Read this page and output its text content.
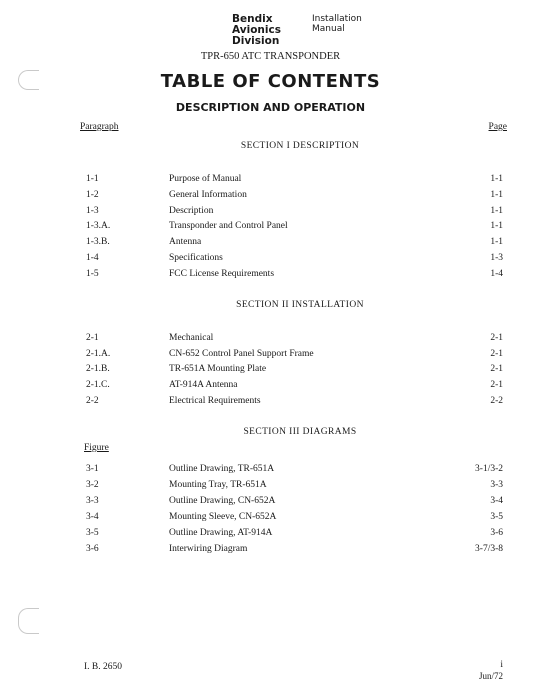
Bendix
Avionics
Division
Installation
Manual
TPR-650 ATC TRANSPONDER
TABLE OF CONTENTS
DESCRIPTION AND OPERATION
Paragraph	Page
Figure
SECTION I DESCRIPTION
1-1	Purpose of Manual	1-1
1-2	General Information	1-1
1-3	Description	1-1
1-3.A.	Transponder and Control Panel	1-1
1-3.B.	Antenna	1-1
1-4	Specifications	1-3
1-5	FCC License Requirements	1-4
SECTION II INSTALLATION
2-1	Mechanical	2-1
2-1.A.	CN-652 Control Panel Support Frame	2-1
2-1.B.	TR-651A Mounting Plate	2-1
2-1.C.	AT-914A Antenna	2-1
2-2	Electrical Requirements	2-2
SECTION III DIAGRAMS
3-1	Outline Drawing, TR-651A	3-1/3-2
3-2	Mounting Tray, TR-651A	3-3
3-3	Outline Drawing, CN-652A	3-4
3-4	Mounting Sleeve, CN-652A	3-5
3-5	Outline Drawing, AT-914A	3-6
3-6	Interwiring Diagram	3-7/3-8
I. B. 2650	i
Jun/72
